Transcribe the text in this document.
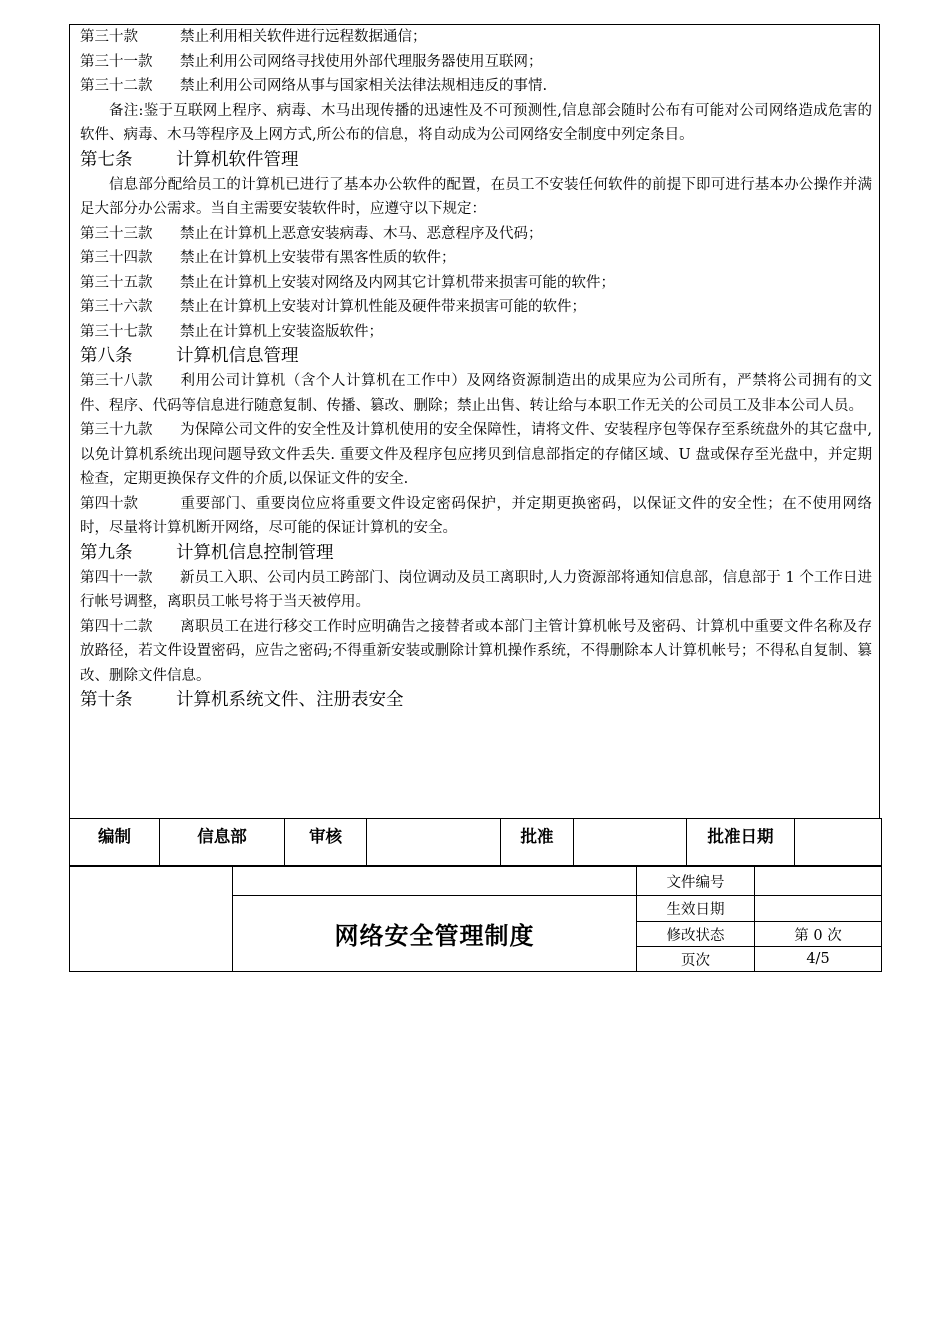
第三十款	禁止利用相关软件进行远程数据通信；
第三十一款 禁止利用公司网络寻找使用外部代理服务器使用互联网；
第三十二款 禁止利用公司网络从事与国家相关法律法规相违反的事情.
备注:鉴于互联网上程序、病毒、木马出现传播的迅速性及不可预测性,信息部会随时公布有可能对公司网络造成危害的软件、病毒、木马等程序及上网方式,所公布的信息，将自动成为公司网络安全制度中列定条目。
第七条 计算机软件管理
信息部分配给员工的计算机已进行了基本办公软件的配置，在员工不安装任何软件的前提下即可进行基本办公操作并满足大部分办公需求。当自主需要安装软件时，应遵守以下规定：
第三十三款 禁止在计算机上恶意安装病毒、木马、恶意程序及代码；
第三十四款 禁止在计算机上安装带有黑客性质的软件；
第三十五款 禁止在计算机上安装对网络及内网其它计算机带来损害可能的软件；
第三十六款 禁止在计算机上安装对计算机性能及硬件带来损害可能的软件；
第三十七款 禁止在计算机上安装盗版软件；
第八条 计算机信息管理
第三十八款 利用公司计算机（含个人计算机在工作中）及网络资源制造出的成果应为公司所有，严禁将公司拥有的文件、程序、代码等信息进行随意复制、传播、篡改、删除；禁止出售、转让给与本职工作无关的公司员工及非本公司人员。
第三十九款 为保障公司文件的安全性及计算机使用的安全保障性，请将文件、安装程序包等保存至系统盘外的其它盘中, 以免计算机系统出现问题导致文件丢失. 重要文件及程序包应拷贝到信息部指定的存储区域、U 盘或保存至光盘中，并定期检查，定期更换保存文件的介质,以保证文件的安全.
第四十款	重要部门、重要岗位应将重要文件设定密码保护，并定期更换密码，以保证文件的安全性；在不使用网络时，尽量将计算机断开网络，尽可能的保证计算机的安全。
第九条 计算机信息控制管理
第四十一款 新员工入职、公司内员工跨部门、岗位调动及员工离职时,人力资源部将通知信息部，信息部于 1 个工作日进行帐号调整，离职员工帐号将于当天被停用。
第四十二款 离职员工在进行移交工作时应明确告之接替者或本部门主管计算机帐号及密码、计算机中重要文件名称及存放路径，若文件设置密码，应告之密码;不得重新安装或删除计算机操作系统，不得删除本人计算机帐号；不得私自复制、篡改、删除文件信息。
第十条 计算机系统文件、注册表安全
编制	信息部	审核		批准		批准日期	
		文件编号	
	网络安全管理制度	生效日期	
		修改状态	第 0 次
		页次	4/5
